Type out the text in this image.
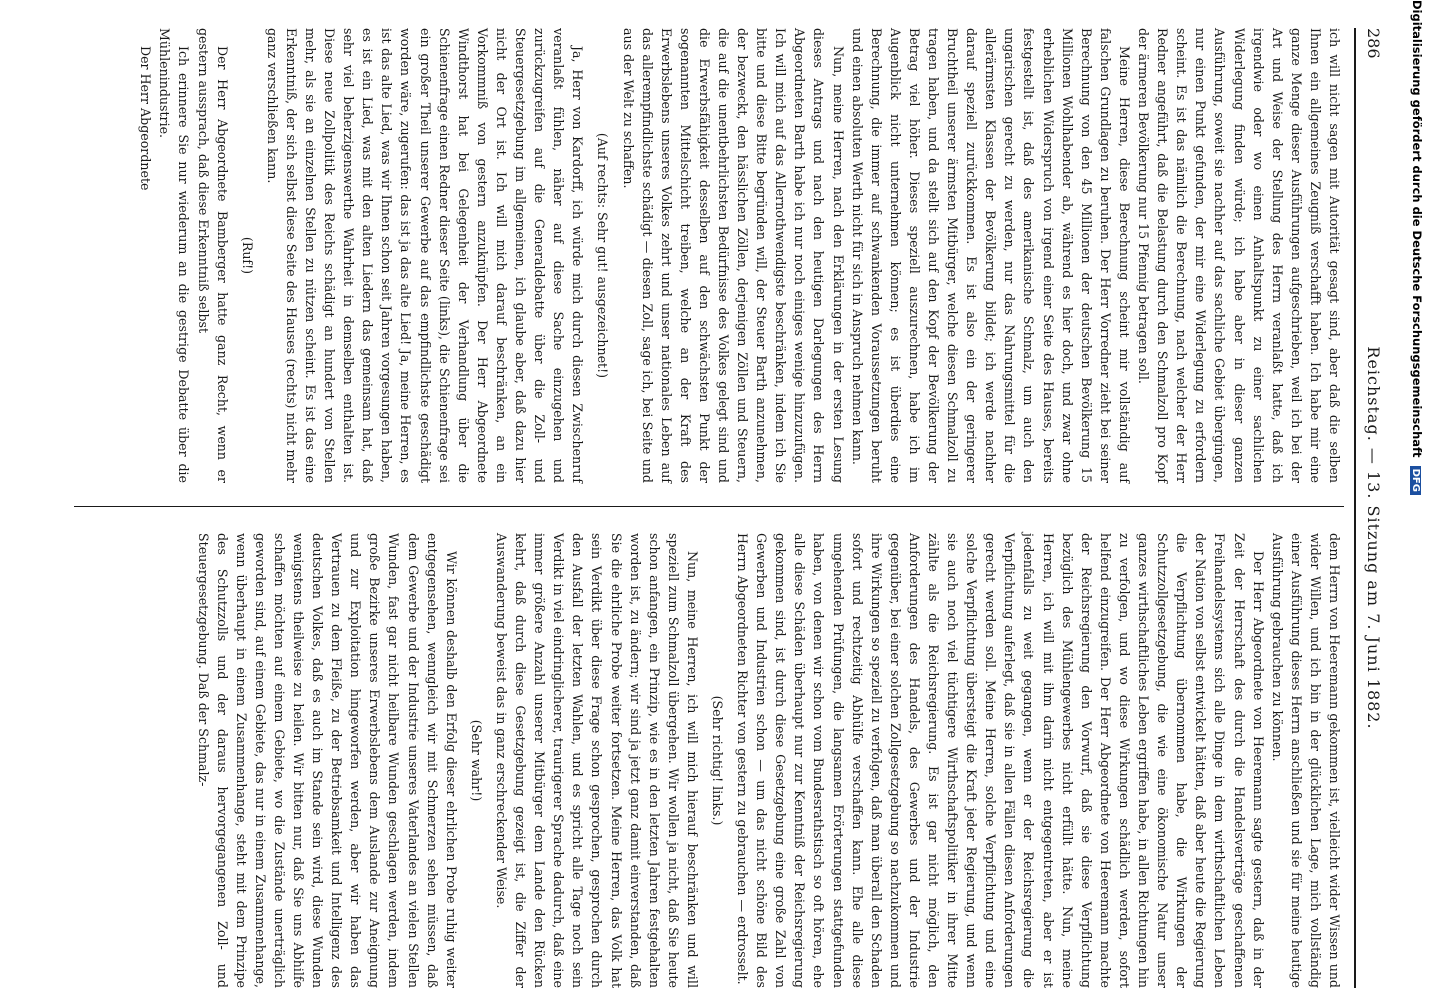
286
Reichstag. — 13. Sitzung am 7. Juni 1882.

ich will nicht sagen mit Autorität gesagt sind, aber daß die selben Ihnen ein allgemeines Zeugniß verschafft haben. Ich habe mir eine ganze Menge dieser Ausführungen aufgeschrieben, weil ich bei der Art und Weise der Stellung des Herrn veranlaßt hatte, daß ich irgendwie oder wo einen Anhaltspunkt zu einer sachlichen Widerlegung finden würde; ich habe aber in dieser ganzen Ausführung, soweit sie nachher auf das sachliche Gebiet übergingen, nur einen Punkt gefunden, der mir eine Widerlegung zu erfordern scheint. Es ist das nämlich die Berechnung, nach welcher der Herr Redner angeführt, daß die Belastung durch den Schmalzoll pro Kopf der ärmeren Bevölkerung nur 15 Pfennig betragen soll.

Meine Herren, diese Berechnung scheint mir vollständig auf falschen Grundlagen zu beruhen. Der Herr Vorredner zieht bei seiner Berechnung von den 45 Millionen der deutschen Bevölkerung 15 Millionen Wohlhabender ab, während es hier doch, und zwar ohne erheblichen Widerspruch von irgend einer Seite des Hauses, bereits festgestellt ist, daß des amerikanische Schmalz, um auch den ungarischen gerecht zu werden, nur das Nahrungsmittel für die allerärmsten Klassen der Bevölkerung bildet; ich werde nachher darauf speziell zurückkommen. Es ist also ein der geringerer Bruchtheil unserer ärmsten Mitbürger, welche diesen Schmalzoll zu tragen haben, und da stellt sich auf den Kopf der Bevölkerung der Betrag viel höher. Dieses speziell auszurechnen, habe ich im Augenblick nicht unternehmen können; es ist überdies eine Berechnung, die immer auf schwankenden Voraussetzungen beruht und einen absoluten Werth nicht für sich in Anspruch nehmen kann.

Nun, meine Herren, nach den Erklärungen in der ersten Lesung dieses Antrags und nach den heutigen Darlegungen des Herrn Abgeordneten Barth habe ich nur noch einiges wenige hinzuzufügen. Ich will mich auf das Allernothwendigste beschränken, indem ich Sie bitte und diese Bitte begründen will, der Steuer Barth anzunehmen, der bezweckt, den hässlichen Zöllen, derjenigen Zöllen und Steuern, die auf die unentbehrlichsten Bedürfnisse des Volkes gelegt sind und die Erwerbsfähigkeit desselben auf den schwächsten Punkt der sogenannten Mittelschicht treiben, welche an der Kraft des Erwerbslebens unseres Volkes zehrt und unser nationales Leben auf das allerempfindlichste schädigt — diesen Zoll, sage ich, bei Seite und aus der Welt zu schaffen.

(Auf rechts: Sehr gut! ausgezeichnet!)

Ja, Herr von Kardorff, ich würde mich durch diesen Zwischenruf veranlaßt fühlen, näher auf diese Sache einzugehen und zurückzugreifen auf die Generaldebatte über die Zoll- und Steuergesetzgebung im allgemeinen, ich glaube aber, daß dazu hier nicht der Ort ist. Ich will mich darauf beschränken, an ein Vorkommniß von gestern anzuknüpfen. Der Herr Abgeordnete Windthorst hat bei Gelegenheit der Verhandlung über die Schienenfrage einen Redner dieser Seite (links), die Schienenfrage sei ein großer Theil unserer Gewerbe auf das empfindlichste geschädigt worden wäre, zugerufen: das ist ja das alte Lied! Ja, meine Herren, es ist das alte Lied, was wir Ihnen schon seit Jahren vorgesungen haben, es ist ein Lied, was mit den alten Liedern das gemeinsam hat, daß sehr viel beherzigenswerthe Wahrheit in demselben enthalten ist. Diese neue Zollpolitik des Reichs schädigt an hundert von Stellen mehr, als sie an einzelnen Stellen zu nützen scheint. Es ist das eine Erkenntniß, der sich selbst diese Seite des Hauses (rechts) nicht mehr ganz verschließen kann.

(Ruf!)

Der Herr Abgeordnete Bamberger hatte ganz Recht, wenn er gestern aussprach, daß diese Erkenntniß selbst

Ich erinnere Sie nur wiederum an die gestrige Debatte über die Mühlenindustrie.

Der Herr Abgeordnete

dem Herrn von Heeremann gekommen ist, vielleicht wider Wissen und wider Willen, und ich bin in der glücklichen Lage, mich vollständig einer Ausführung dieses Herrn anschließen und sie für meine heutige Ausführung gebrauchen zu können.

Der Herr Abgeordnete von Heeremann sagte gestern, daß in der Zeit der Herrschaft des durch die Handelsverträge geschaffenen Freihandelssystems sich alle Dinge in dem wirthschaftlichen Leben der Nation von selbst entwickelt hätten, daß aber heute die Regierung die Verpflichtung übernommen habe, die Wirkungen der Schutzzollgesetzgebung, die wie eine ökonomische Natur unser ganzes wirthschaftliches Leben ergriffen habe, in allen Richtungen hin zu verfolgen, und wo diese Wirkungen schädlich werden, sofort helfend einzugreifen. Der Herr Abgeordnete von Heeremann machte der Reichsregierung den Vorwurf, daß sie diese Verpflichtung bezüglich des Mühlengewerbes nicht erfüllt hätte. Nun, meine Herren, ich will mit ihm darin nicht entgegentreten, aber er ist jedenfalls zu weit gegangen, wenn er der Reichsregierung die Verpflichtung auferlegt, daß sie in allen Fällen diesen Anforderungen gerecht werden soll. Meine Herren, solche Verpflichtung und eine solche Verpflichtung übersteigt die Kraft jeder Regierung, und wenn sie auch noch viel tüchtigere Wirthschaftspolitiker in ihrer Mitte zählte als die Reichsregierung. Es ist gar nicht möglich, den Anforderungen des Handels, des Gewerbes und der Industrie gegenüber, bei einer solchen Zollgesetzgebung so nachzukommen und ihre Wirkungen so speziell zu verfolgen, daß man überall den Schaden sofort und rechtzeitig Abhülfe verschaffen kann. Ehe alle diese umgehenden Prüfungen, die langsamen Erörterungen stattgefunden haben, von denen wir schon vom Bundesrathstisch so oft hören, ehe alle diese Schäden überhaupt nur zur Kenntniß der Reichsregierung gekommen sind, ist durch diese Gesetzgebung eine große Zahl von Gewerben und Industrien schon — um das nicht schöne Bild des Herrn Abgeordneten Richter von gestern zu gebrauchen — erdrosselt.

(Sehr richtig! links.)

Nun, meine Herren, ich will mich hierauf beschränken und will speziell zum Schmalzoll übergehen. Wir wollen ja nicht, daß Sie heute schon anfangen, ein Prinzip, wie es in den letzten Jahren festgehalten worden ist, zu ändern; wir sind ja jetzt ganz damit einverstanden, daß Sie die ehrliche Probe weiter fortsetzen. Meine Herren, das Volk hat sein Verdikt über diese Frage schon gesprochen, gesprochen durch den Ausfall der letzten Wahlen, und es spricht alle Tage noch sein Verdikt in viel eindringlicherer, traurigerer Sprache dadurch, daß eine immer größere Anzahl unserer Mitbürger dem Lande den Rücken kehrt, daß durch diese Gesetzgebung gezeigt ist, die Ziffer der Auswanderung beweist das in ganz erschreckender Weise.

(Sehr wahr!)

Wir können deshalb den Erfolg dieser ehrlichen Probe ruhig weiter entgegensehen, wenngleich wir mit Schmerzen sehen müssen, daß dem Gewerbe und der Industrie unseres Vaterlandes an vielen Stellen Wunden, fast gar nicht heilbare Wunden geschlagen werden, indem große Bezirke unseres Erwerbslebens dem Auslande zur Aneignung und zur Exploitation hingeworfen werden, aber wir haben das Vertrauen zu dem Fleiße, zu der Betriebsamkeit und Intelligenz des deutschen Volkes, daß es auch im Stande sein wird, diese Wunden wenigstens theilweise zu heilen. Wir bitten nur, daß Sie uns Abhilfe schaffen möchten auf einem Gebiete, wo die Zustände unerträglich geworden sind, auf einem Gebiete, das nur in einem Zusammenhange, wenn überhaupt in einem Zusammenhange, steht mit dem Prinzipe des Schutzzolls und der daraus hervorgegangenen Zoll- und Steuergesetzgebung. Daß der Schmalz-

Digitalisierung gefördert durch die Deutsche Forschungsgemeinschaft DFG
